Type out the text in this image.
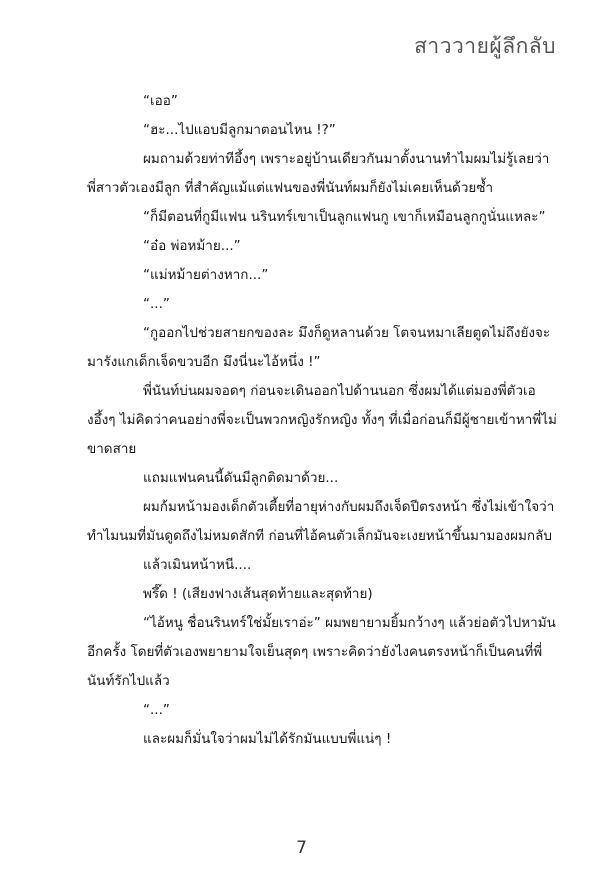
สาววายผู้ลึกลับ

“เออ”

“ฮะ...ไปแอบมีลูกมาตอนไหน !?”

ผมถามด้วยท่าทีอึ้งๆ เพราะอยู่บ้านเดียวกันมาตั้งนานทำไมผมไม่รู้เลยว่าพี่สาวตัวเองมีลูก ที่สำคัญแม้แต่แฟนของพี่นันท์ผมก็ยังไม่เคยเห็นด้วยซ้ำ

“ก็มีตอนที่กูมีแฟน นรินทร์เขาเป็นลูกแฟนกู เขาก็เหมือนลูกกูนั่นแหละ”

“อ๋อ พ่อหม้าย...”

“แม่หม้ายต่างหาก...”

“...”

“กูออกไปช่วยสายกของละ มึงก็ดูหลานด้วย โตจนหมาเลียตูดไม่ถึงยังจะมารังแกเด็กเจ็ดขวบอีก มึงนี่นะไอ้หนึ่ง !”

พี่นันท์บ่นผมจอดๆ ก่อนจะเดินออกไปด้านนอก ซึ่งผมได้แต่มองพี่ตัวเองอึ้งๆ ไม่คิดว่าคนอย่างพี่จะเป็นพวกหญิงรักหญิง ทั้งๆ ที่เมื่อก่อนก็มีผู้ชายเข้าหาพี่ไม่ขาดสาย

แถมแฟนคนนี้ดันมีลูกติดมาด้วย...

ผมก้มหน้ามองเด็กตัวเตี้ยที่อายุห่างกับผมถึงเจ็ดปีตรงหน้า ซึ่งไม่เข้าใจว่าทำไมนมที่มันดูดถึงไม่หมดสักที ก่อนที่ไอ้คนตัวเล็กมันจะเงยหน้าขึ้นมามองผมกลับ

แล้วเมินหน้าหนี....

พรึ๊ด ! (เสียงฟางเส้นสุดท้ายและสุดท้าย)

“ไอ้หนู ชื่อนรินทร์ใช่มั้ยเราอ่ะ” ผมพยายามยิ้มกว้างๆ แล้วย่อตัวไปหามันอีกครั้ง โดยที่ตัวเองพยายามใจเย็นสุดๆ เพราะคิดว่ายังไงคนตรงหน้าก็เป็นคนที่พี่นันท์รักไปแล้ว

“...”

และผมก็มั่นใจว่าผมไม่ได้รักมันแบบพี่แน่ๆ !

7
